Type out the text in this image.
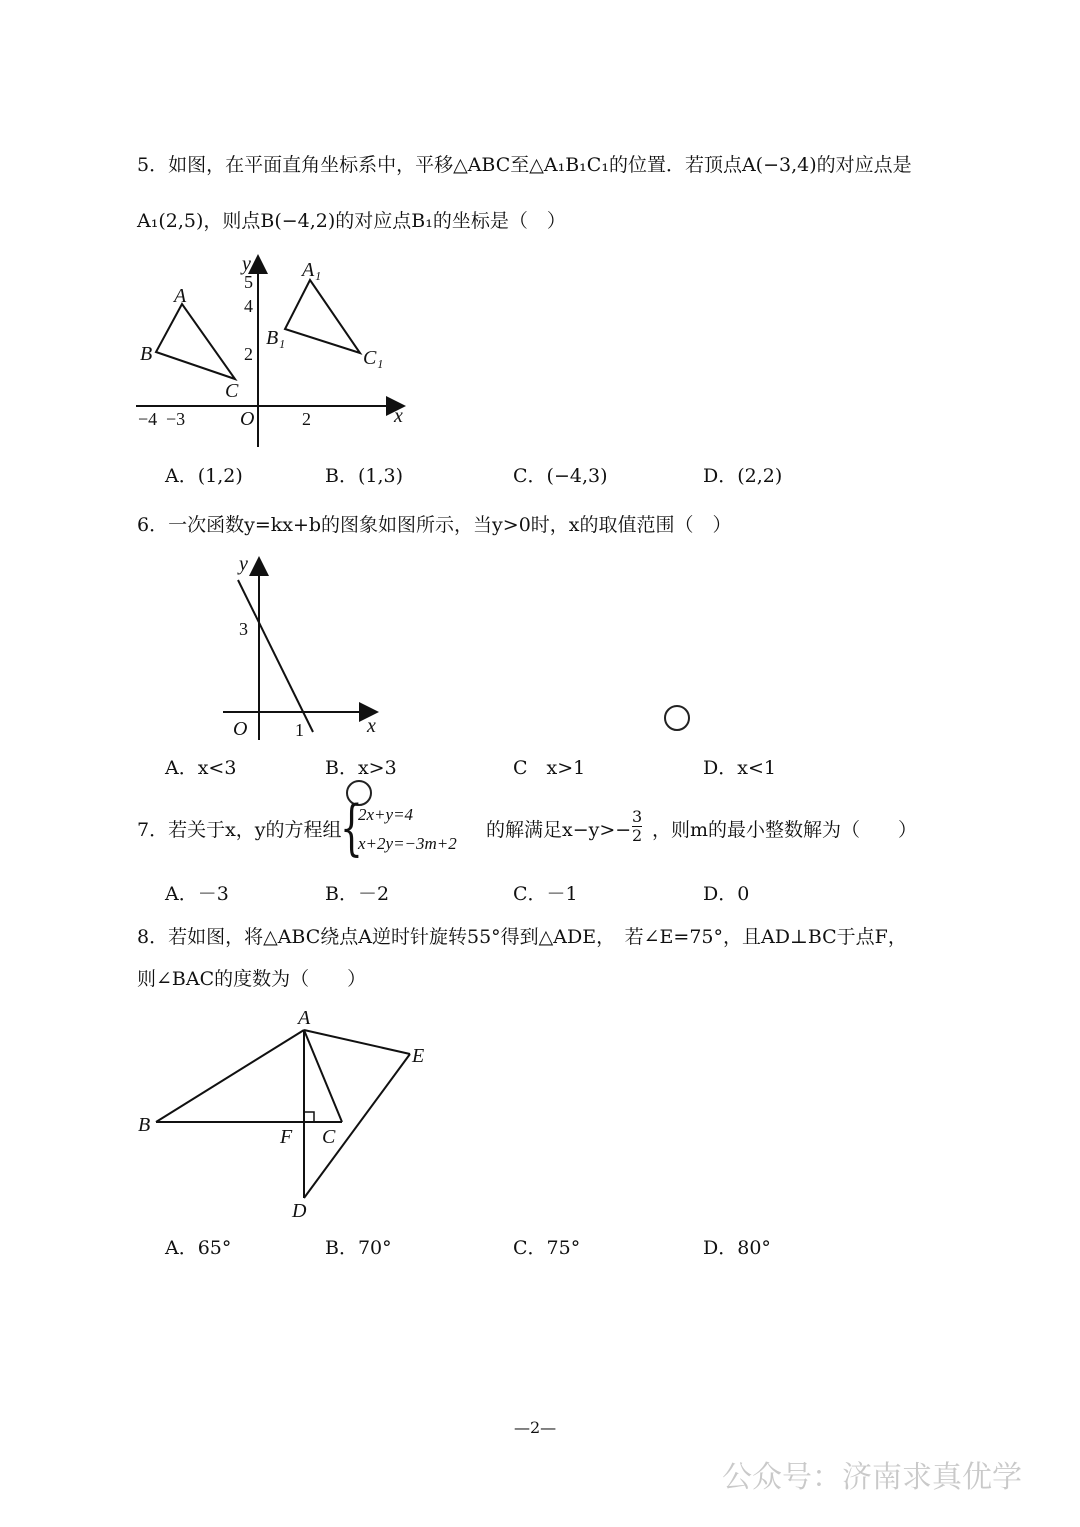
5．如图，在平面直角坐标系中，平移△ABC至△A₁B₁C₁的位置．若顶点A(−3,4)的对应点是
A₁(2,5)，则点B(−4,2)的对应点B₁的坐标是（　）
x
y
O
−4 −3	2
5
4
2
A
B
C
A₁
B₁
C₁
A．(1,2)	B．(1,3)	C．(−4,3)	D．(2,2)
6．一次函数y=kx+b的图象如图所示，当y>0时，x的取值范围（　）
x
y
O
3
1
A．x<3	B．x>3	C　x>1	D．x<1
7．若关于x，y的方程组
{
2x+y=4
x+2y=−3m+2
的解满足$x-y>- \frac{3}{2}$ ，则m的最小整数解为（　　）
A．－3	B．－2	C．－1	D．0
8．若如图，将△ABC绕点A逆时针旋转55°得到△ADE，　若∠E=75°，且AD⊥BC于点F，
则∠BAC的度数为（　　）
A
B
C
D
E
F
A．65°	B．70°	C．75°	D．80°
—2—
公众号：济南求真优学
